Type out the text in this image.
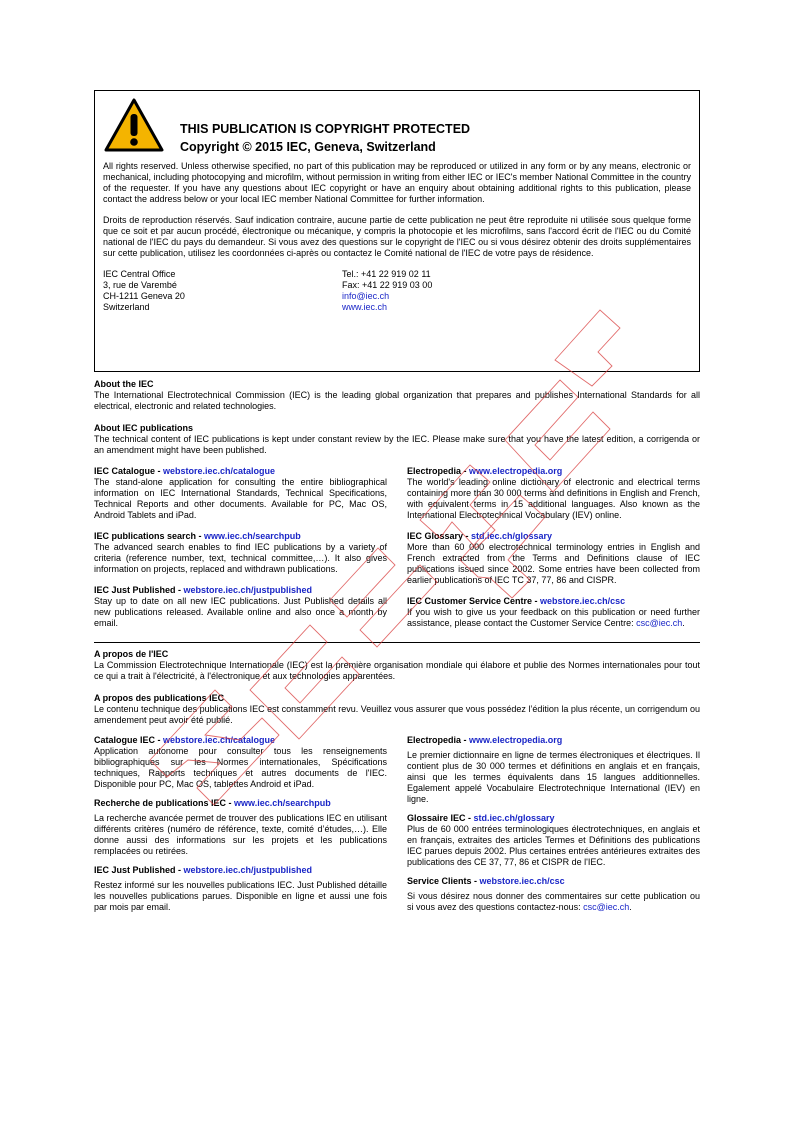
THIS PUBLICATION IS COPYRIGHT PROTECTED
Copyright © 2015 IEC, Geneva, Switzerland

All rights reserved. Unless otherwise specified, no part of this publication may be reproduced or utilized in any form or by any means, electronic or mechanical, including photocopying and microfilm, without permission in writing from either IEC or IEC's member National Committee in the country of the requester. If you have any questions about IEC copyright or have an enquiry about obtaining additional rights to this publication, please contact the address below or your local IEC member National Committee for further information.

Droits de reproduction réservés. Sauf indication contraire, aucune partie de cette publication ne peut être reproduite ni utilisée sous quelque forme que ce soit et par aucun procédé, électronique ou mécanique, y compris la photocopie et les microfilms, sans l'accord écrit de l'IEC ou du Comité national de l'IEC du pays du demandeur. Si vous avez des questions sur le copyright de l'IEC ou si vous désirez obtenir des droits supplémentaires sur cette publication, utilisez les coordonnées ci-après ou contactez le Comité national de l'IEC de votre pays de résidence.

IEC Central Office
3, rue de Varembé
CH-1211 Geneva 20
Switzerland
Tel.: +41 22 919 02 11
Fax: +41 22 919 03 00
info@iec.ch
www.iec.ch
About the IEC

The International Electrotechnical Commission (IEC) is the leading global organization that prepares and publishes International Standards for all electrical, electronic and related technologies.

About IEC publications

The technical content of IEC publications is kept under constant review by the IEC. Please make sure that you have the latest edition, a corrigenda or an amendment might have been published.

IEC Catalogue - webstore.iec.ch/catalogue

The stand-alone application for consulting the entire bibliographical information on IEC International Standards, Technical Specifications, Technical Reports and other documents. Available for PC, Mac OS, Android Tablets and iPad.

IEC publications search - www.iec.ch/searchpub

The advanced search enables to find IEC publications by a variety of criteria (reference number, text, technical committee,…). It also gives information on projects, replaced and withdrawn publications.

IEC Just Published - webstore.iec.ch/justpublished

Stay up to date on all new IEC publications. Just Published details all new publications released. Available online and also once a month by email.

Electropedia - www.electropedia.org

The world's leading online dictionary of electronic and electrical terms containing more than 30 000 terms and definitions in English and French, with equivalent terms in 15 additional languages. Also known as the International Electrotechnical Vocabulary (IEV) online.

IEC Glossary - std.iec.ch/glossary

More than 60 000 electrotechnical terminology entries in English and French extracted from the Terms and Definitions clause of IEC publications issued since 2002. Some entries have been collected from earlier publications of IEC TC 37, 77, 86 and CISPR.

IEC Customer Service Centre - webstore.iec.ch/csc

If you wish to give us your feedback on this publication or need further assistance, please contact the Customer Service Centre: csc@iec.ch.

A propos de l'IEC

La Commission Electrotechnique Internationale (IEC) est la première organisation mondiale qui élabore et publie des Normes internationales pour tout ce qui a trait à l'électricité, à l'électronique et aux technologies apparentées.

A propos des publications IEC

Le contenu technique des publications IEC est constamment revu. Veuillez vous assurer que vous possédez l’édition la plus récente, un corrigendum ou amendement peut avoir été publié.

Catalogue IEC - webstore.iec.ch/catalogue

Application autonome pour consulter tous les renseignements bibliographiques sur les Normes internationales, Spécifications techniques, Rapports techniques et autres documents de l'IEC. Disponible pour PC, Mac OS, tablettes Android et iPad.

Recherche de publications IEC - www.iec.ch/searchpub

La recherche avancée permet de trouver des publications IEC en utilisant différents critères (numéro de référence, texte, comité d’études,…). Elle donne aussi des informations sur les projets et les publications remplacées ou retirées.

IEC Just Published - webstore.iec.ch/justpublished

Restez informé sur les nouvelles publications IEC. Just Published détaille les nouvelles publications parues. Disponible en ligne et aussi une fois par mois par email.

Electropedia - www.electropedia.org

Le premier dictionnaire en ligne de termes électroniques et électriques. Il contient plus de 30 000 termes et définitions en anglais et en français, ainsi que les termes équivalents dans 15 langues additionnelles. Egalement appelé Vocabulaire Electrotechnique International (IEV) en ligne.

Glossaire IEC - std.iec.ch/glossary

Plus de 60 000 entrées terminologiques électrotechniques, en anglais et en français, extraites des articles Termes et Définitions des publications IEC parues depuis 2002. Plus certaines entrées antérieures extraites des publications des CE 37, 77, 86 et CISPR de l'IEC.

Service Clients - webstore.iec.ch/csc

Si vous désirez nous donner des commentaires sur cette publication ou si vous avez des questions contactez-nous: csc@iec.ch.
